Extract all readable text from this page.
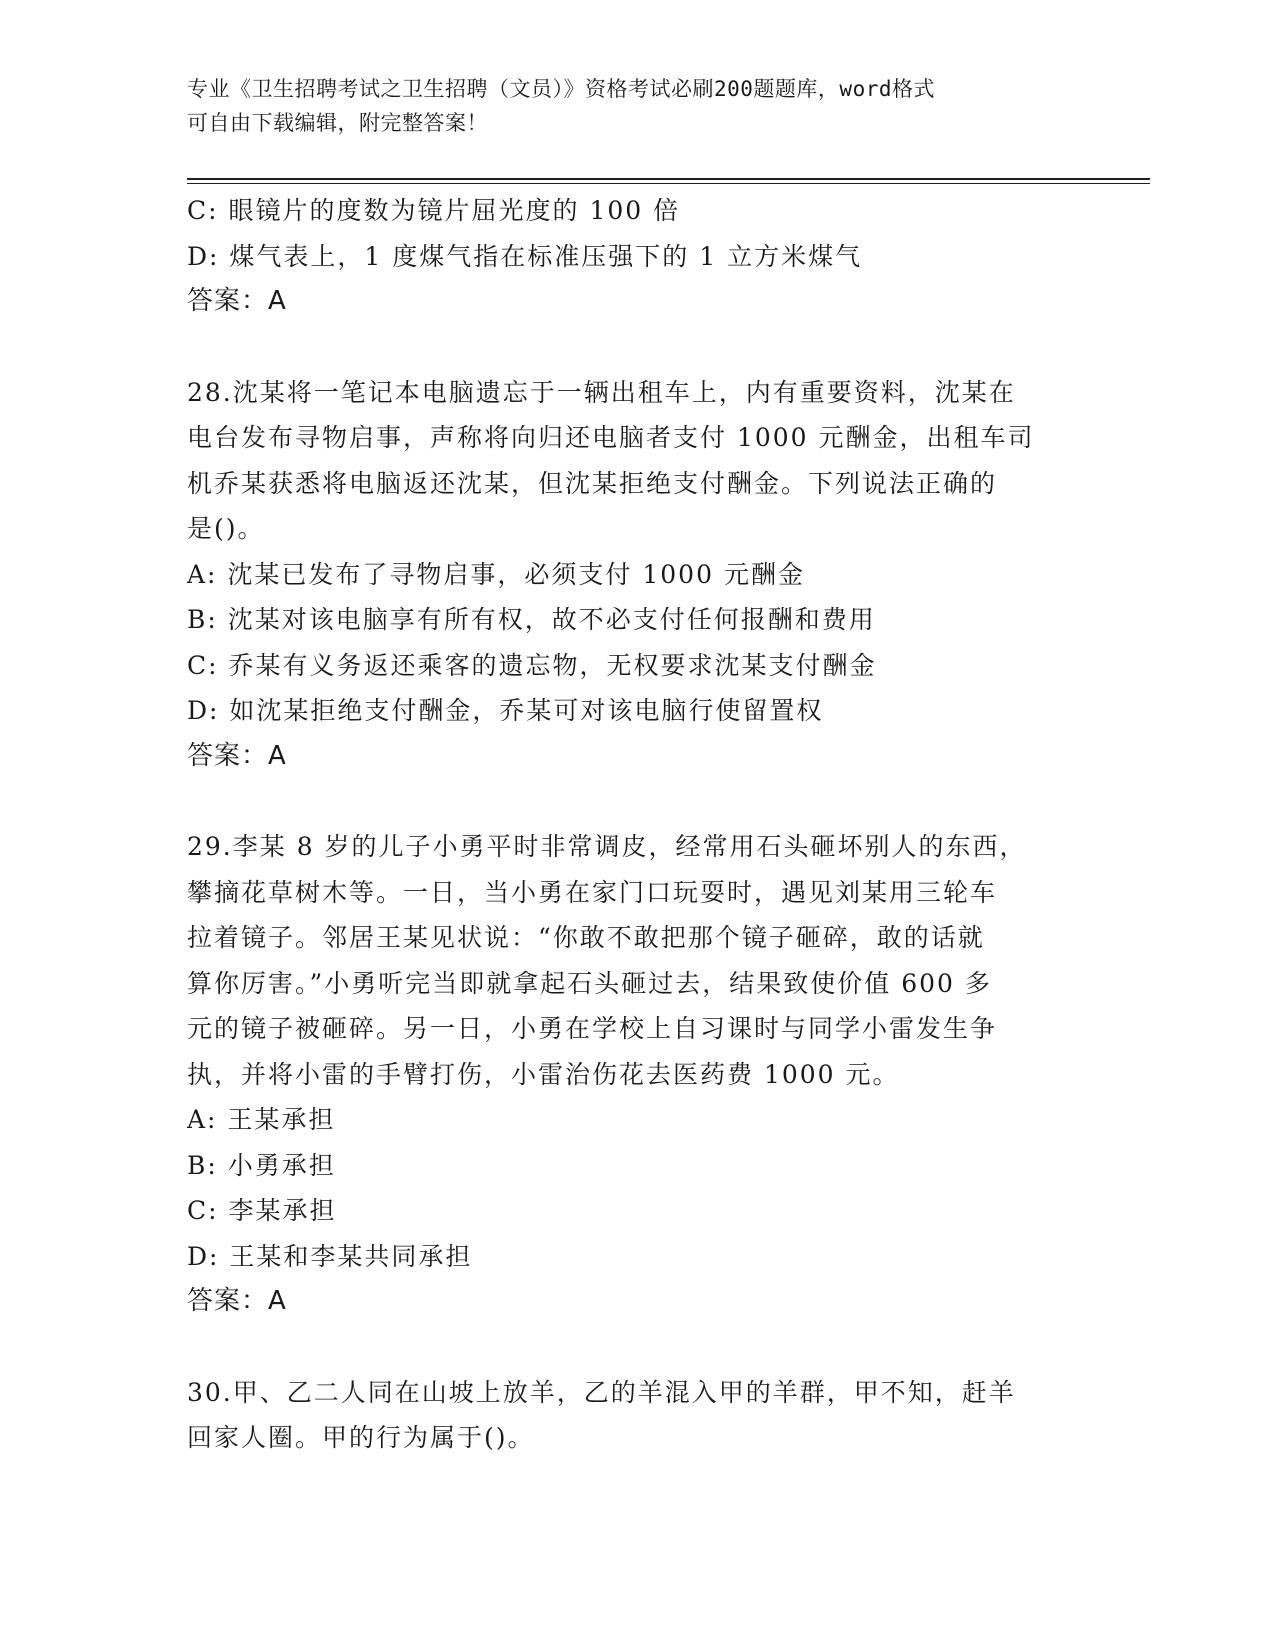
专业《卫生招聘考试之卫生招聘（文员）》资格考试必刷200题题库，word格式
可自由下载编辑，附完整答案！
C: 眼镜片的度数为镜片屈光度的 100 倍
D: 煤气表上，1 度煤气指在标准压强下的 1 立方米煤气
答案：A
28.沈某将一笔记本电脑遗忘于一辆出租车上，内有重要资料，沈某在
电台发布寻物启事，声称将向归还电脑者支付 1000 元酬金，出租车司
机乔某获悉将电脑返还沈某，但沈某拒绝支付酬金。下列说法正确的
是()。
A: 沈某已发布了寻物启事，必须支付 1000 元酬金
B: 沈某对该电脑享有所有权，故不必支付任何报酬和费用
C: 乔某有义务返还乘客的遗忘物，无权要求沈某支付酬金
D: 如沈某拒绝支付酬金，乔某可对该电脑行使留置权
答案：A
29.李某 8 岁的儿子小勇平时非常调皮，经常用石头砸坏别人的东西，
攀摘花草树木等。一日，当小勇在家门口玩耍时，遇见刘某用三轮车
拉着镜子。邻居王某见状说：“你敢不敢把那个镜子砸碎，敢的话就
算你厉害。”小勇听完当即就拿起石头砸过去，结果致使价值 600 多
元的镜子被砸碎。另一日，小勇在学校上自习课时与同学小雷发生争
执，并将小雷的手臂打伤，小雷治伤花去医药费 1000 元。
A: 王某承担
B: 小勇承担
C: 李某承担
D: 王某和李某共同承担
答案：A
30.甲、乙二人同在山坡上放羊，乙的羊混入甲的羊群，甲不知，赶羊
回家人圈。甲的行为属于()。
